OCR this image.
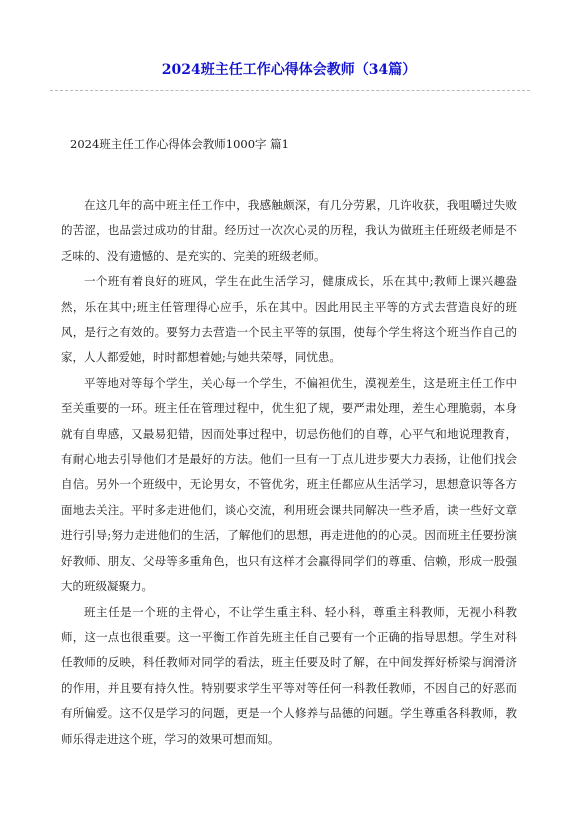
2024班主任工作心得体会教师（34篇）

2024班主任工作心得体会教师1000字 篇1

在这几年的高中班主任工作中，我感触颇深，有几分劳累，几许收获，我咀嚼过失败的苦涩，也品尝过成功的甘甜。经历过一次次心灵的历程，我认为做班主任班级老师是不乏味的、没有遗憾的、是充实的、完美的班级老师。

一个班有着良好的班风，学生在此生活学习，健康成长，乐在其中;教师上课兴趣盎然，乐在其中;班主任管理得心应手，乐在其中。因此用民主平等的方式去营造良好的班风，是行之有效的。要努力去营造一个民主平等的氛围，使每个学生将这个班当作自己的家，人人都爱她，时时都想着她;与她共荣辱，同忧患。

平等地对等每个学生，关心每一个学生，不偏袒优生，漠视差生，这是班主任工作中至关重要的一环。班主任在管理过程中，优生犯了规，要严肃处理，差生心理脆弱，本身就有自卑感，又最易犯错，因而处事过程中，切忌伤他们的自尊，心平气和地说理教育，有耐心地去引导他们才是最好的方法。他们一旦有一丁点儿进步要大力表扬，让他们找会自信。另外一个班级中，无论男女，不管优劣，班主任都应从生活学习，思想意识等各方面地去关注。平时多走进他们，谈心交流，利用班会课共同解决一些矛盾，读一些好文章进行引导;努力走进他们的生活，了解他们的思想，再走进他的的心灵。因而班主任要扮演好教师、朋友、父母等多重角色，也只有这样才会赢得同学们的尊重、信赖，形成一股强大的班级凝聚力。

班主任是一个班的主骨心，不让学生重主科、轻小科，尊重主科教师，无视小科教师，这一点也很重要。这一平衡工作首先班主任自己要有一个正确的指导思想。学生对科任教师的反映，科任教师对同学的看法，班主任要及时了解，在中间发挥好桥梁与润滑济的作用，并且要有持久性。特别要求学生平等对等任何一科教任教师，不因自己的好恶而有所偏爱。这不仅是学习的问题，更是一个人修养与品德的问题。学生尊重各科教师，教师乐得走进这个班，学习的效果可想而知。
